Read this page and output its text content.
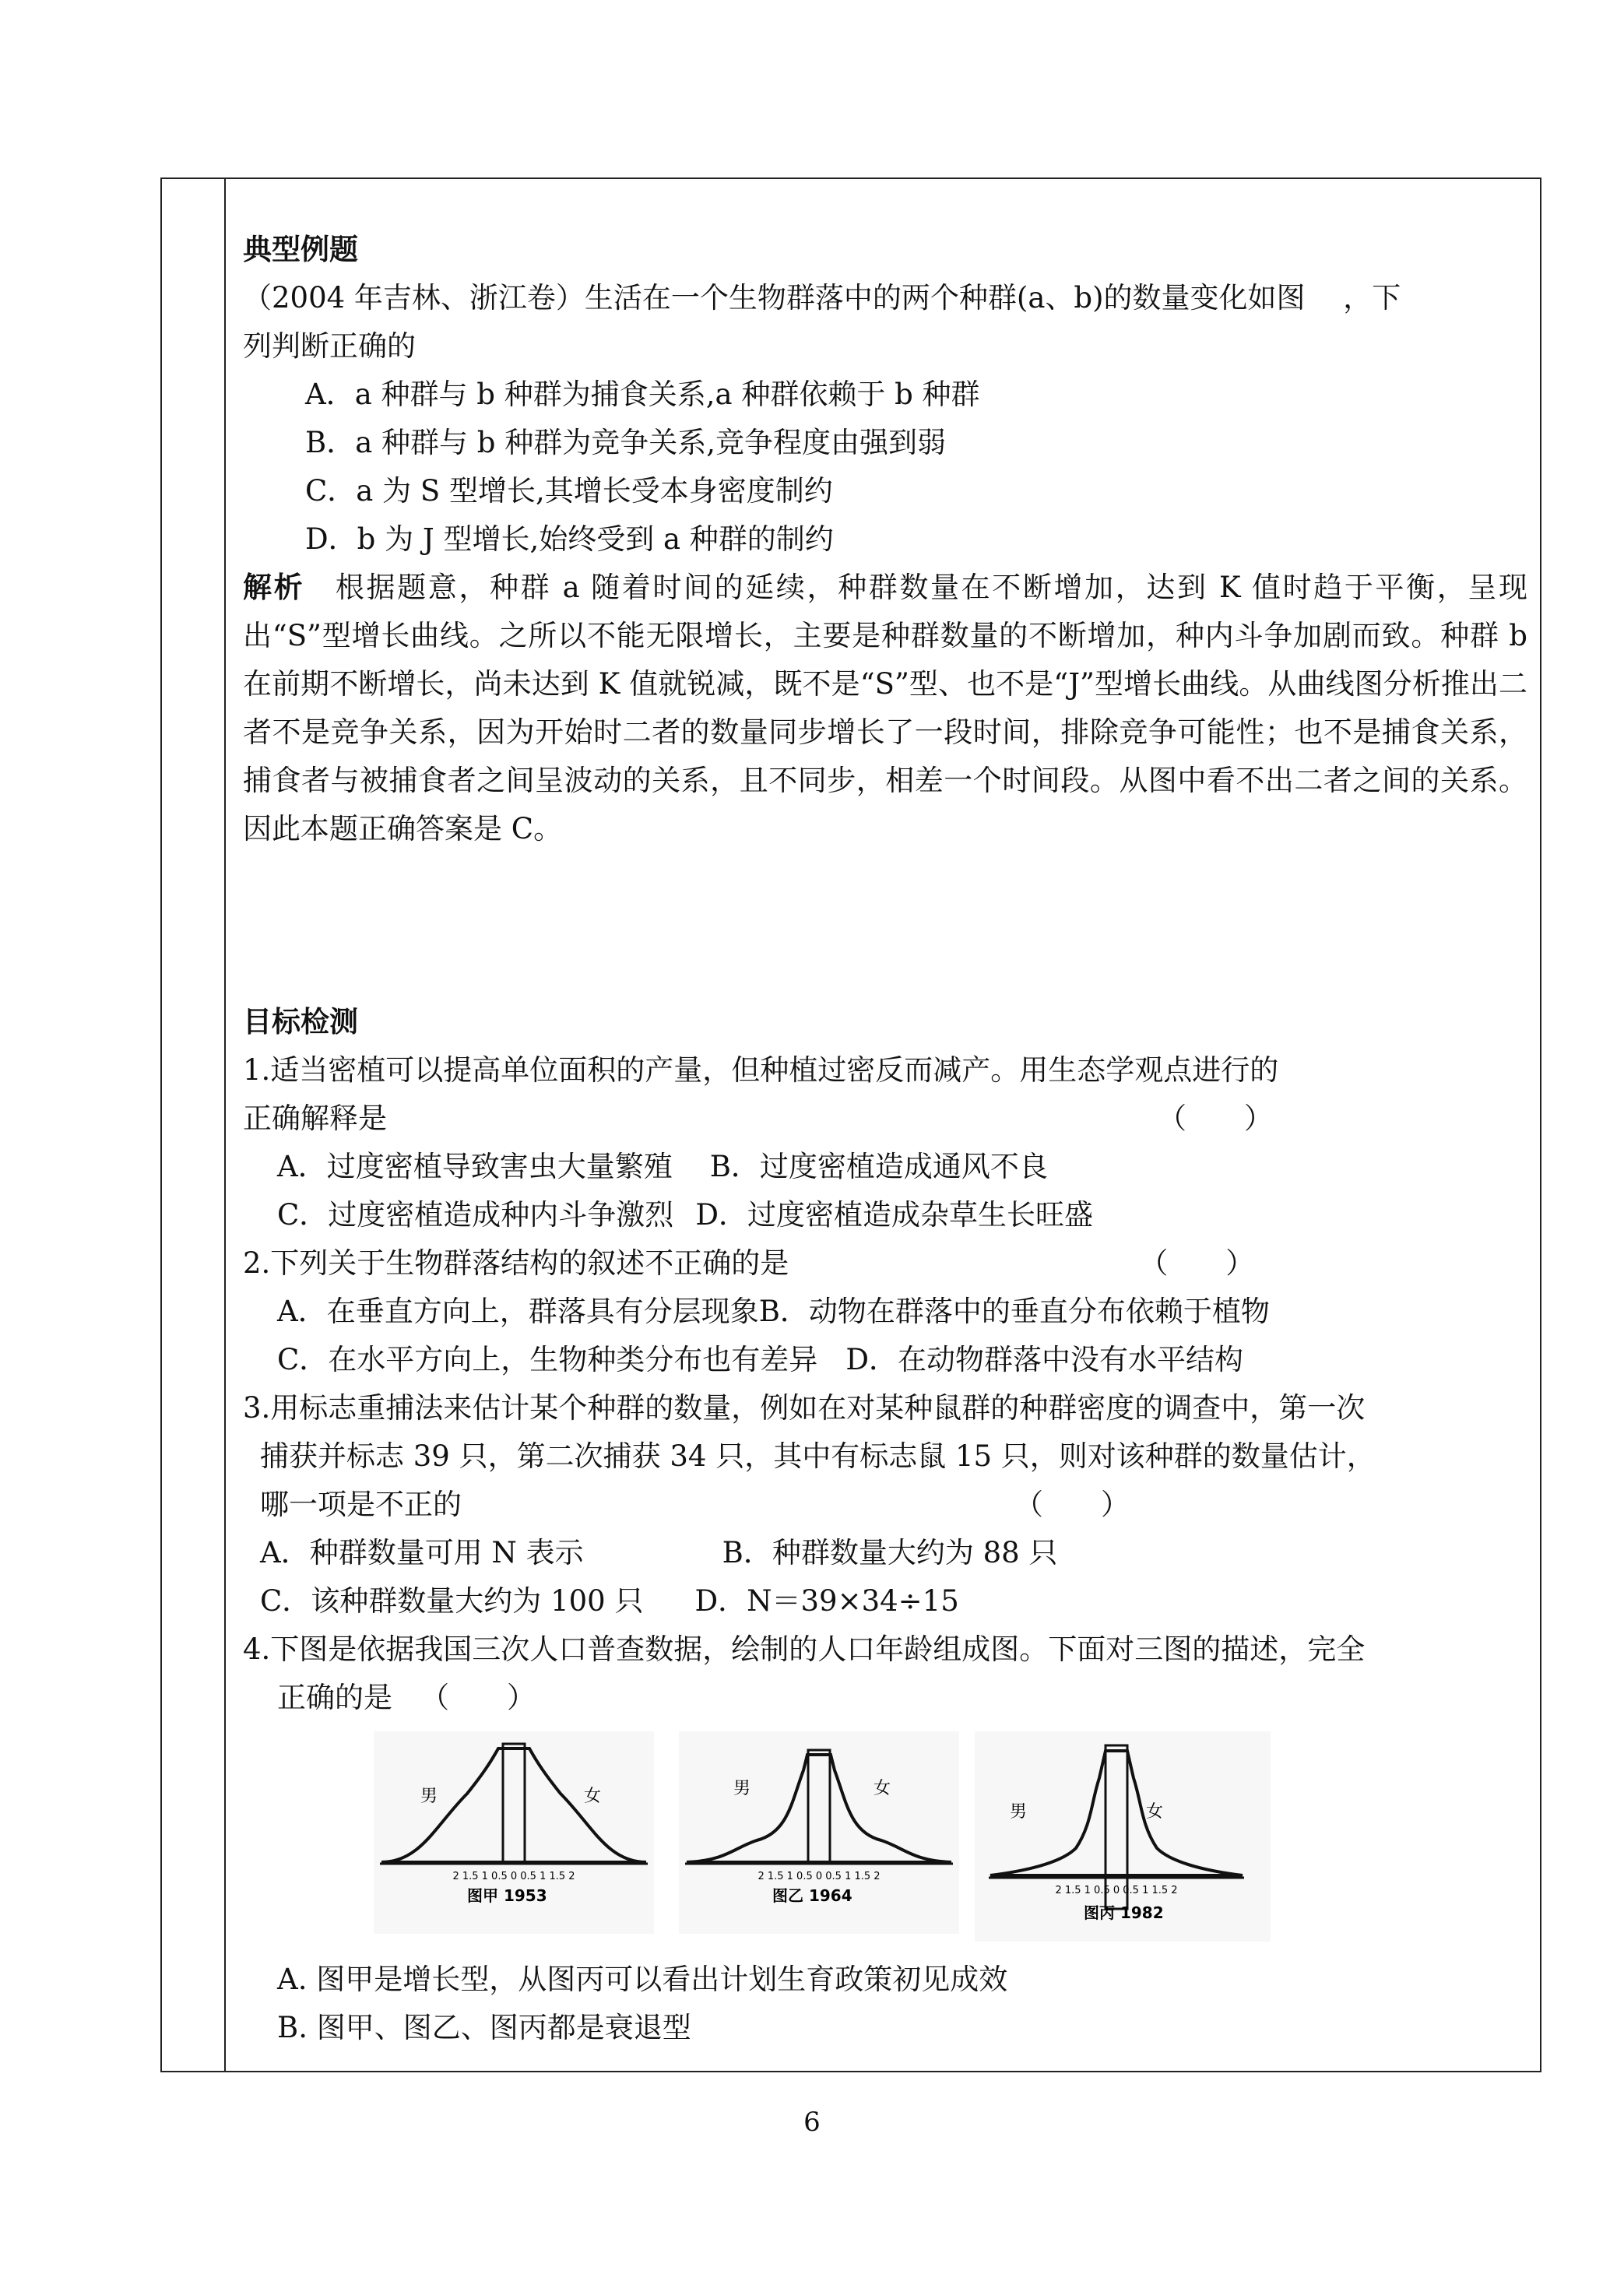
典型例题
（2004 年吉林、浙江卷）生活在一个生物群落中的两个种群(a、b)的数量变化如图　 ，下
列判断正确的
A．a 种群与 b 种群为捕食关系,a 种群依赖于 b 种群
B．a 种群与 b 种群为竞争关系,竞争程度由强到弱
C．a 为 S 型增长,其增长受本身密度制约
D．b 为 J 型增长,始终受到 a 种群的制约
解析  根据题意，种群 a 随着时间的延续，种群数量在不断增加，达到 K 值时趋于平衡，呈现出“S”型增长曲线。之所以不能无限增长，主要是种群数量的不断增加，种内斗争加剧而致。种群 b 在前期不断增长，尚未达到 K 值就锐减，既不是“S”型、也不是“J”型增长曲线。从曲线图分析推出二者不是竞争关系，因为开始时二者的数量同步增长了一段时间，排除竞争可能性；也不是捕食关系，捕食者与被捕食者之间呈波动的关系，且不同步，相差一个时间段。从图中看不出二者之间的关系。因此本题正确答案是 C。
目标检测
1.适当密植可以提高单位面积的产量，但种植过密反而减产。用生态学观点进行的
正确解释是	（　　）
A．过度密植导致害虫大量繁殖 B．过度密植造成通风不良
C．过度密植造成种内斗争激烈 D．过度密植造成杂草生长旺盛
2.下列关于生物群落结构的叙述不正确的是	（　　）
A．在垂直方向上，群落具有分层现象B．动物在群落中的垂直分布依赖于植物
C．在水平方向上，生物种类分布也有差异 D．在动物群落中没有水平结构
3.用标志重捕法来估计某个种群的数量，例如在对某种鼠群的种群密度的调查中，第一次
捕获并标志 39 只，第二次捕获 34 只，其中有标志鼠 15 只，则对该种群的数量估计，
哪一项是不正的	（　　）
A．种群数量可用 N 表示	B．种群数量大约为 88 只
C．该种群数量大约为 100 只 D．N＝39×34÷15
4.下图是依据我国三次人口普查数据，绘制的人口年龄组成图。下面对三图的描述，完全
正确的是 （　　）
男	女
2 1.5 1 0.5 0 0.5 1 1.5 2
图甲 1953
男	女
2 1.5 1 0.5 0 0.5 1 1.5 2
图乙 1964
男	女
2 1.5 1 0.5 0 0.5 1 1.5 2
图丙 1982
A. 图甲是增长型，从图丙可以看出计划生育政策初见成效
B. 图甲、图乙、图丙都是衰退型
6
